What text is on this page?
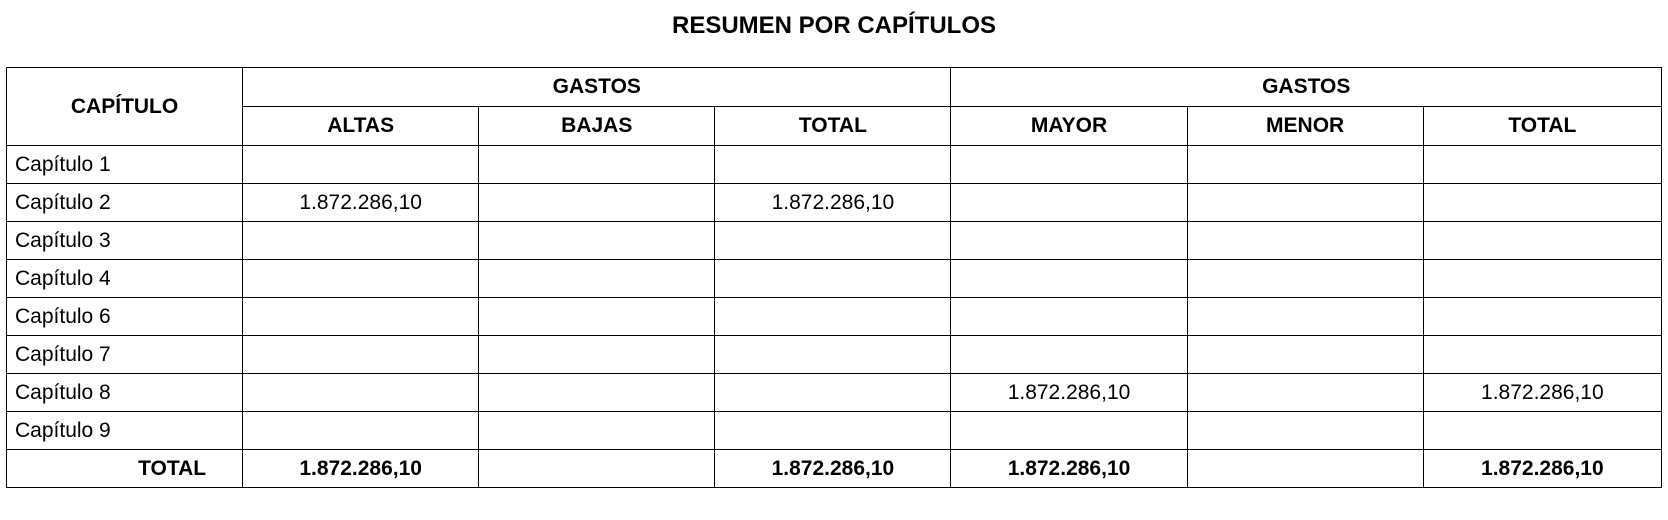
RESUMEN POR CAPÍTULOS
CAPÍTULO	GASTOS			GASTOS		
	ALTAS	BAJAS	TOTAL	MAYOR	MENOR	TOTAL
Capítulo 1						
Capítulo 2	1.872.286,10		1.872.286,10			
Capítulo 3						
Capítulo 4						
Capítulo 6						
Capítulo 7						
Capítulo 8				1.872.286,10		1.872.286,10
Capítulo 9						
TOTAL	1.872.286,10		1.872.286,10	1.872.286,10		1.872.286,10
